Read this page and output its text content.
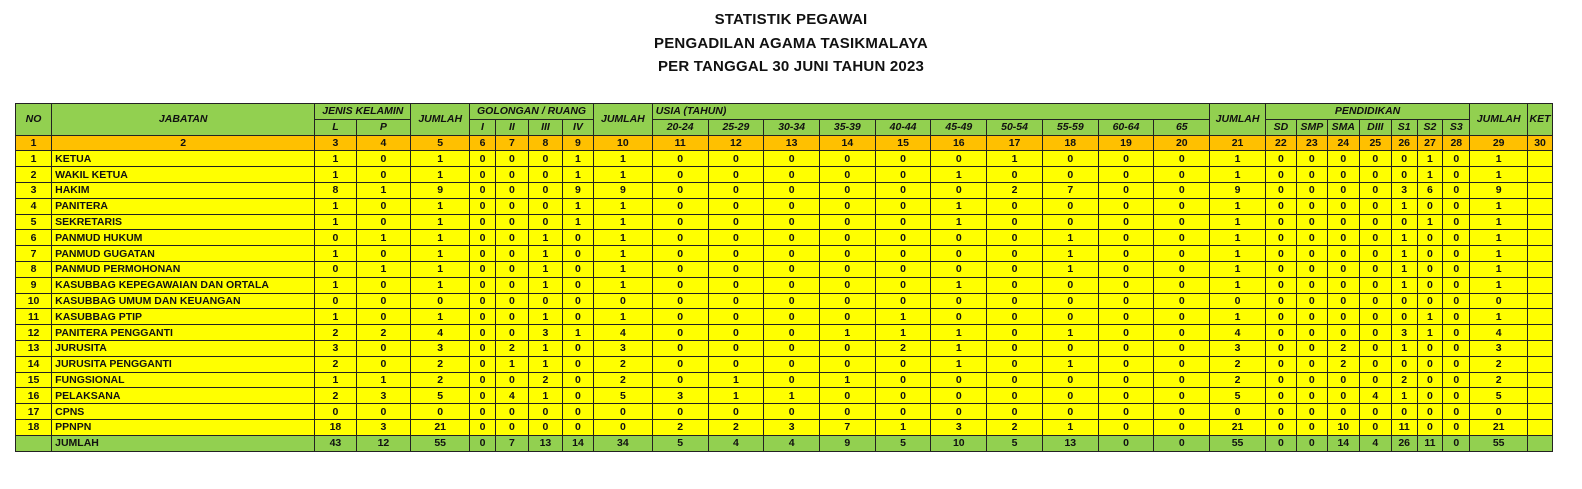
STATISTIK PEGAWAI
PENGADILAN AGAMA TASIKMALAYA
PER TANGGAL 30 JUNI TAHUN 2023
NO	JABATAN	JENIS KELAMIN		JUMLAH	GOLONGAN / RUANG				JUMLAH	USIA (TAHUN)										JUMLAH	PENDIDIKAN							JUMLAH	KET
		L	P		I	II	III	IV		20-24	25-29	30-34	35-39	40-44	45-49	50-54	55-59	60-64	65		SD	SMP	SMA	DIII	S1	S2	S3		
1	2	3	4	5	6	7	8	9	10	11	12	13	14	15	16	17	18	19	20	21	22	23	24	25	26	27	28	29	30
1	KETUA	1	0	1	0	0	0	1	1	0	0	0	0	0	0	1	0	0	0	1	0	0	0	0	0	1	0	1	
2	WAKIL KETUA	1	0	1	0	0	0	1	1	0	0	0	0	0	1	0	0	0	0	1	0	0	0	0	0	1	0	1	
3	HAKIM	8	1	9	0	0	0	9	9	0	0	0	0	0	0	2	7	0	0	9	0	0	0	0	3	6	0	9	
4	PANITERA	1	0	1	0	0	0	1	1	0	0	0	0	0	1	0	0	0	0	1	0	0	0	0	1	0	0	1	
5	SEKRETARIS	1	0	1	0	0	0	1	1	0	0	0	0	0	1	0	0	0	0	1	0	0	0	0	0	1	0	1	
6	PANMUD HUKUM	0	1	1	0	0	1	0	1	0	0	0	0	0	0	0	1	0	0	1	0	0	0	0	1	0	0	1	
7	PANMUD GUGATAN	1	0	1	0	0	1	0	1	0	0	0	0	0	0	0	1	0	0	1	0	0	0	0	1	0	0	1	
8	PANMUD PERMOHONAN	0	1	1	0	0	1	0	1	0	0	0	0	0	0	0	1	0	0	1	0	0	0	0	1	0	0	1	
9	KASUBBAG KEPEGAWAIAN DAN ORTALA	1	0	1	0	0	1	0	1	0	0	0	0	0	1	0	0	0	0	1	0	0	0	0	1	0	0	1	
10	KASUBBAG UMUM DAN KEUANGAN	0	0	0	0	0	0	0	0	0	0	0	0	0	0	0	0	0	0	0	0	0	0	0	0	0	0	0	
11	KASUBBAG PTIP	1	0	1	0	0	1	0	1	0	0	0	0	1	0	0	0	0	0	1	0	0	0	0	0	1	0	1	
12	PANITERA PENGGANTI	2	2	4	0	0	3	1	4	0	0	0	1	1	1	0	1	0	0	4	0	0	0	0	3	1	0	4	
13	JURUSITA	3	0	3	0	2	1	0	3	0	0	0	0	2	1	0	0	0	0	3	0	0	2	0	1	0	0	3	
14	JURUSITA PENGGANTI	2	0	2	0	1	1	0	2	0	0	0	0	0	1	0	1	0	0	2	0	0	2	0	0	0	0	2	
15	FUNGSIONAL	1	1	2	0	0	2	0	2	0	1	0	1	0	0	0	0	0	0	2	0	0	0	0	2	0	0	2	
16	PELAKSANA	2	3	5	0	4	1	0	5	3	1	1	0	0	0	0	0	0	0	5	0	0	0	4	1	0	0	5	
17	CPNS	0	0	0	0	0	0	0	0	0	0	0	0	0	0	0	0	0	0	0	0	0	0	0	0	0	0	0	
18	PPNPN	18	3	21	0	0	0	0	0	2	2	3	7	1	3	2	1	0	0	21	0	0	10	0	11	0	0	21	
	JUMLAH	43	12	55	0	7	13	14	34	5	4	4	9	5	10	5	13	0	0	55	0	0	14	4	26	11	0	55	
